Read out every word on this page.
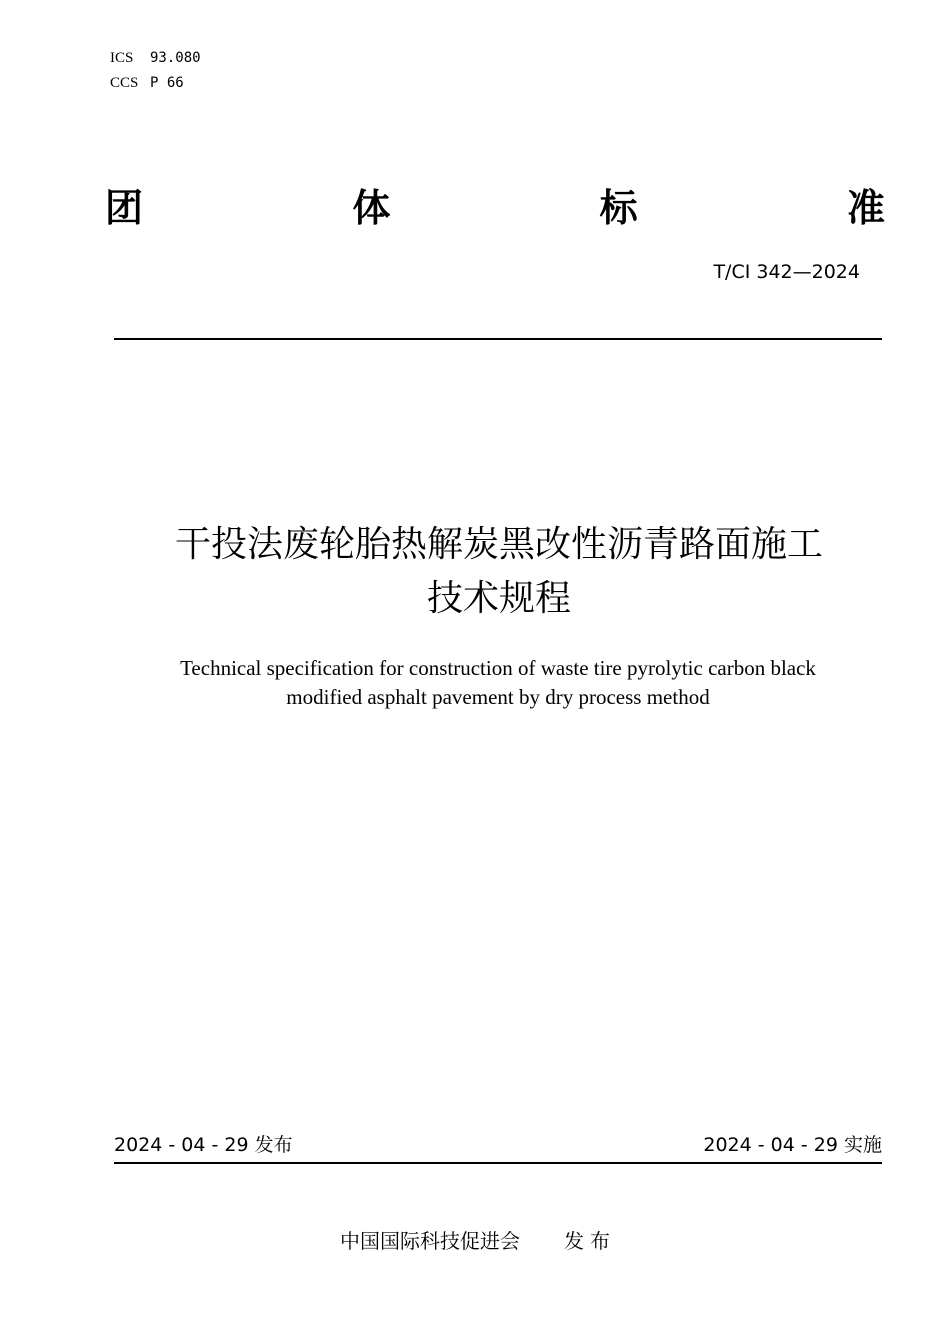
ICS 93.080
CCS P 66
团	体	标	准
T/CI 342—2024
干投法废轮胎热解炭黑改性沥青路面施工
技术规程
Technical specification for construction of waste tire pyrolytic carbon black
modified asphalt pavement by dry process method
2024 - 04 - 29 发布	2024 - 04 - 29 实施
中国国际科技促进会 发布
